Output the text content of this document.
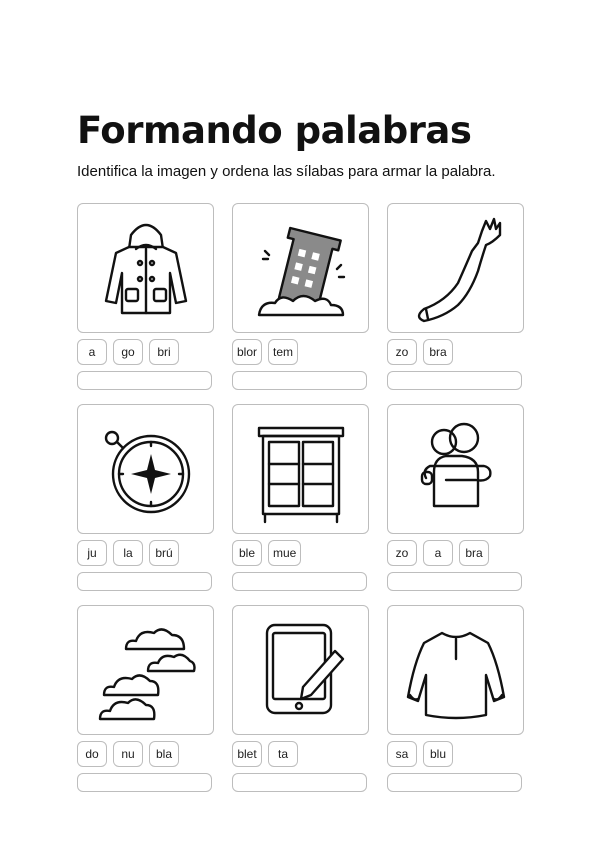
Formando palabras

Identifica la imagen y ordena las sílabas para armar la palabra.

a	go	bri	blor	tem	zo	bra
ju	la	brú	ble	mue	zo	a	bra
do	nu	bla	blet	ta	sa	blu
